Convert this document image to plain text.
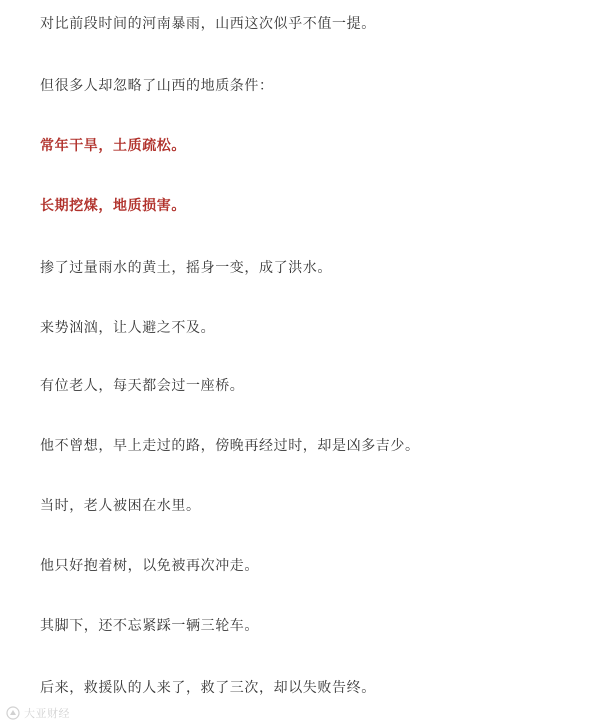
对比前段时间的河南暴雨，山西这次似乎不值一提。

但很多人却忽略了山西的地质条件：

常年干旱，土质疏松。

长期挖煤，地质损害。

掺了过量雨水的黄土，摇身一变，成了洪水。

来势汹汹，让人避之不及。

有位老人，每天都会过一座桥。

他不曾想，早上走过的路，傍晚再经过时，却是凶多吉少。

当时，老人被困在水里。

他只好抱着树，以免被再次冲走。

其脚下，还不忘紧踩一辆三轮车。

后来，救援队的人来了，救了三次，却以失败告终。

大亚财经
